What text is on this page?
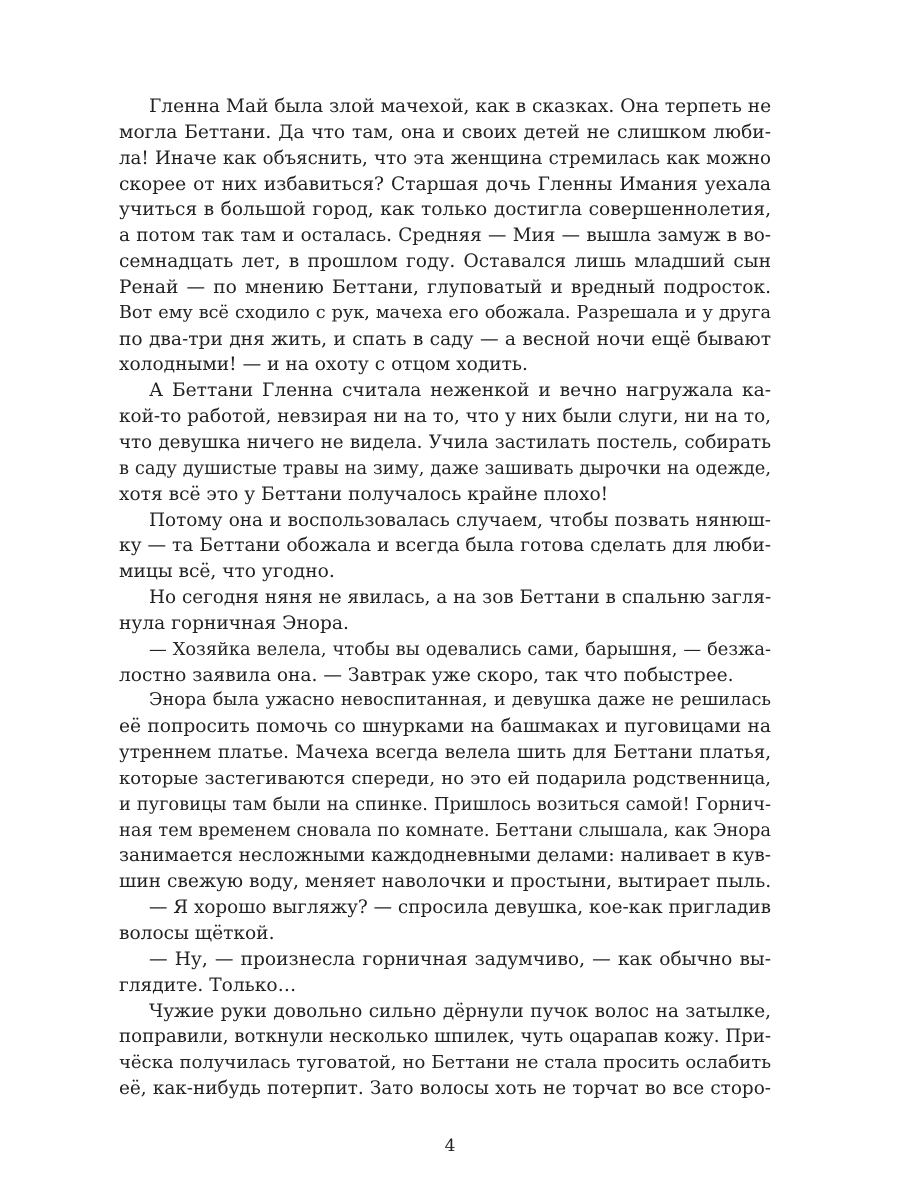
Гленна Май была злой мачехой, как в сказках. Она терпеть не
могла Беттани. Да что там, она и своих детей не слишком люби-
ла! Иначе как объяснить, что эта женщина стремилась как можно
скорее от них избавиться? Старшая дочь Гленны Имания уехала
учиться в большой город, как только достигла совершеннолетия,
а потом так там и осталась. Средняя — Мия — вышла замуж в во-
семнадцать лет, в прошлом году. Оставался лишь младший сын
Ренай — по мнению Беттани, глуповатый и вредный подросток.
Вот ему всё сходило с рук, мачеха его обожала. Разрешала и у друга
по два-три дня жить, и спать в саду — а весной ночи ещё бывают
холодными! — и на охоту с отцом ходить.
А Беттани Гленна считала неженкой и вечно нагружала ка-
кой-то работой, невзирая ни на то, что у них были слуги, ни на то,
что девушка ничего не видела. Учила застилать постель, собирать
в саду душистые травы на зиму, даже зашивать дырочки на одежде,
хотя всё это у Беттани получалось крайне плохо!
Потому она и воспользовалась случаем, чтобы позвать нянюш-
ку — та Беттани обожала и всегда была готова сделать для люби-
мицы всё, что угодно.
Но сегодня няня не явилась, а на зов Беттани в спальню загля-
нула горничная Энора.
— Хозяйка велела, чтобы вы одевались сами, барышня, — безжа-
лостно заявила она. — Завтрак уже скоро, так что побыстрее.
Энора была ужасно невоспитанная, и девушка даже не решилась
её попросить помочь со шнурками на башмаках и пуговицами на
утреннем платье. Мачеха всегда велела шить для Беттани платья,
которые застегиваются спереди, но это ей подарила родственница,
и пуговицы там были на спинке. Пришлось возиться самой! Горнич-
ная тем временем сновала по комнате. Беттани слышала, как Энора
занимается несложными каждодневными делами: наливает в кув-
шин свежую воду, меняет наволочки и простыни, вытирает пыль.
— Я хорошо выгляжу? — спросила девушка, кое-как пригладив
волосы щёткой.
— Ну, — произнесла горничная задумчиво, — как обычно вы-
глядите. Только…
Чужие руки довольно сильно дёрнули пучок волос на затылке,
поправили, воткнули несколько шпилек, чуть оцарапав кожу. При-
чёска получилась туговатой, но Беттани не стала просить ослабить
её, как-нибудь потерпит. Зато волосы хоть не торчат во все сторо-
4
